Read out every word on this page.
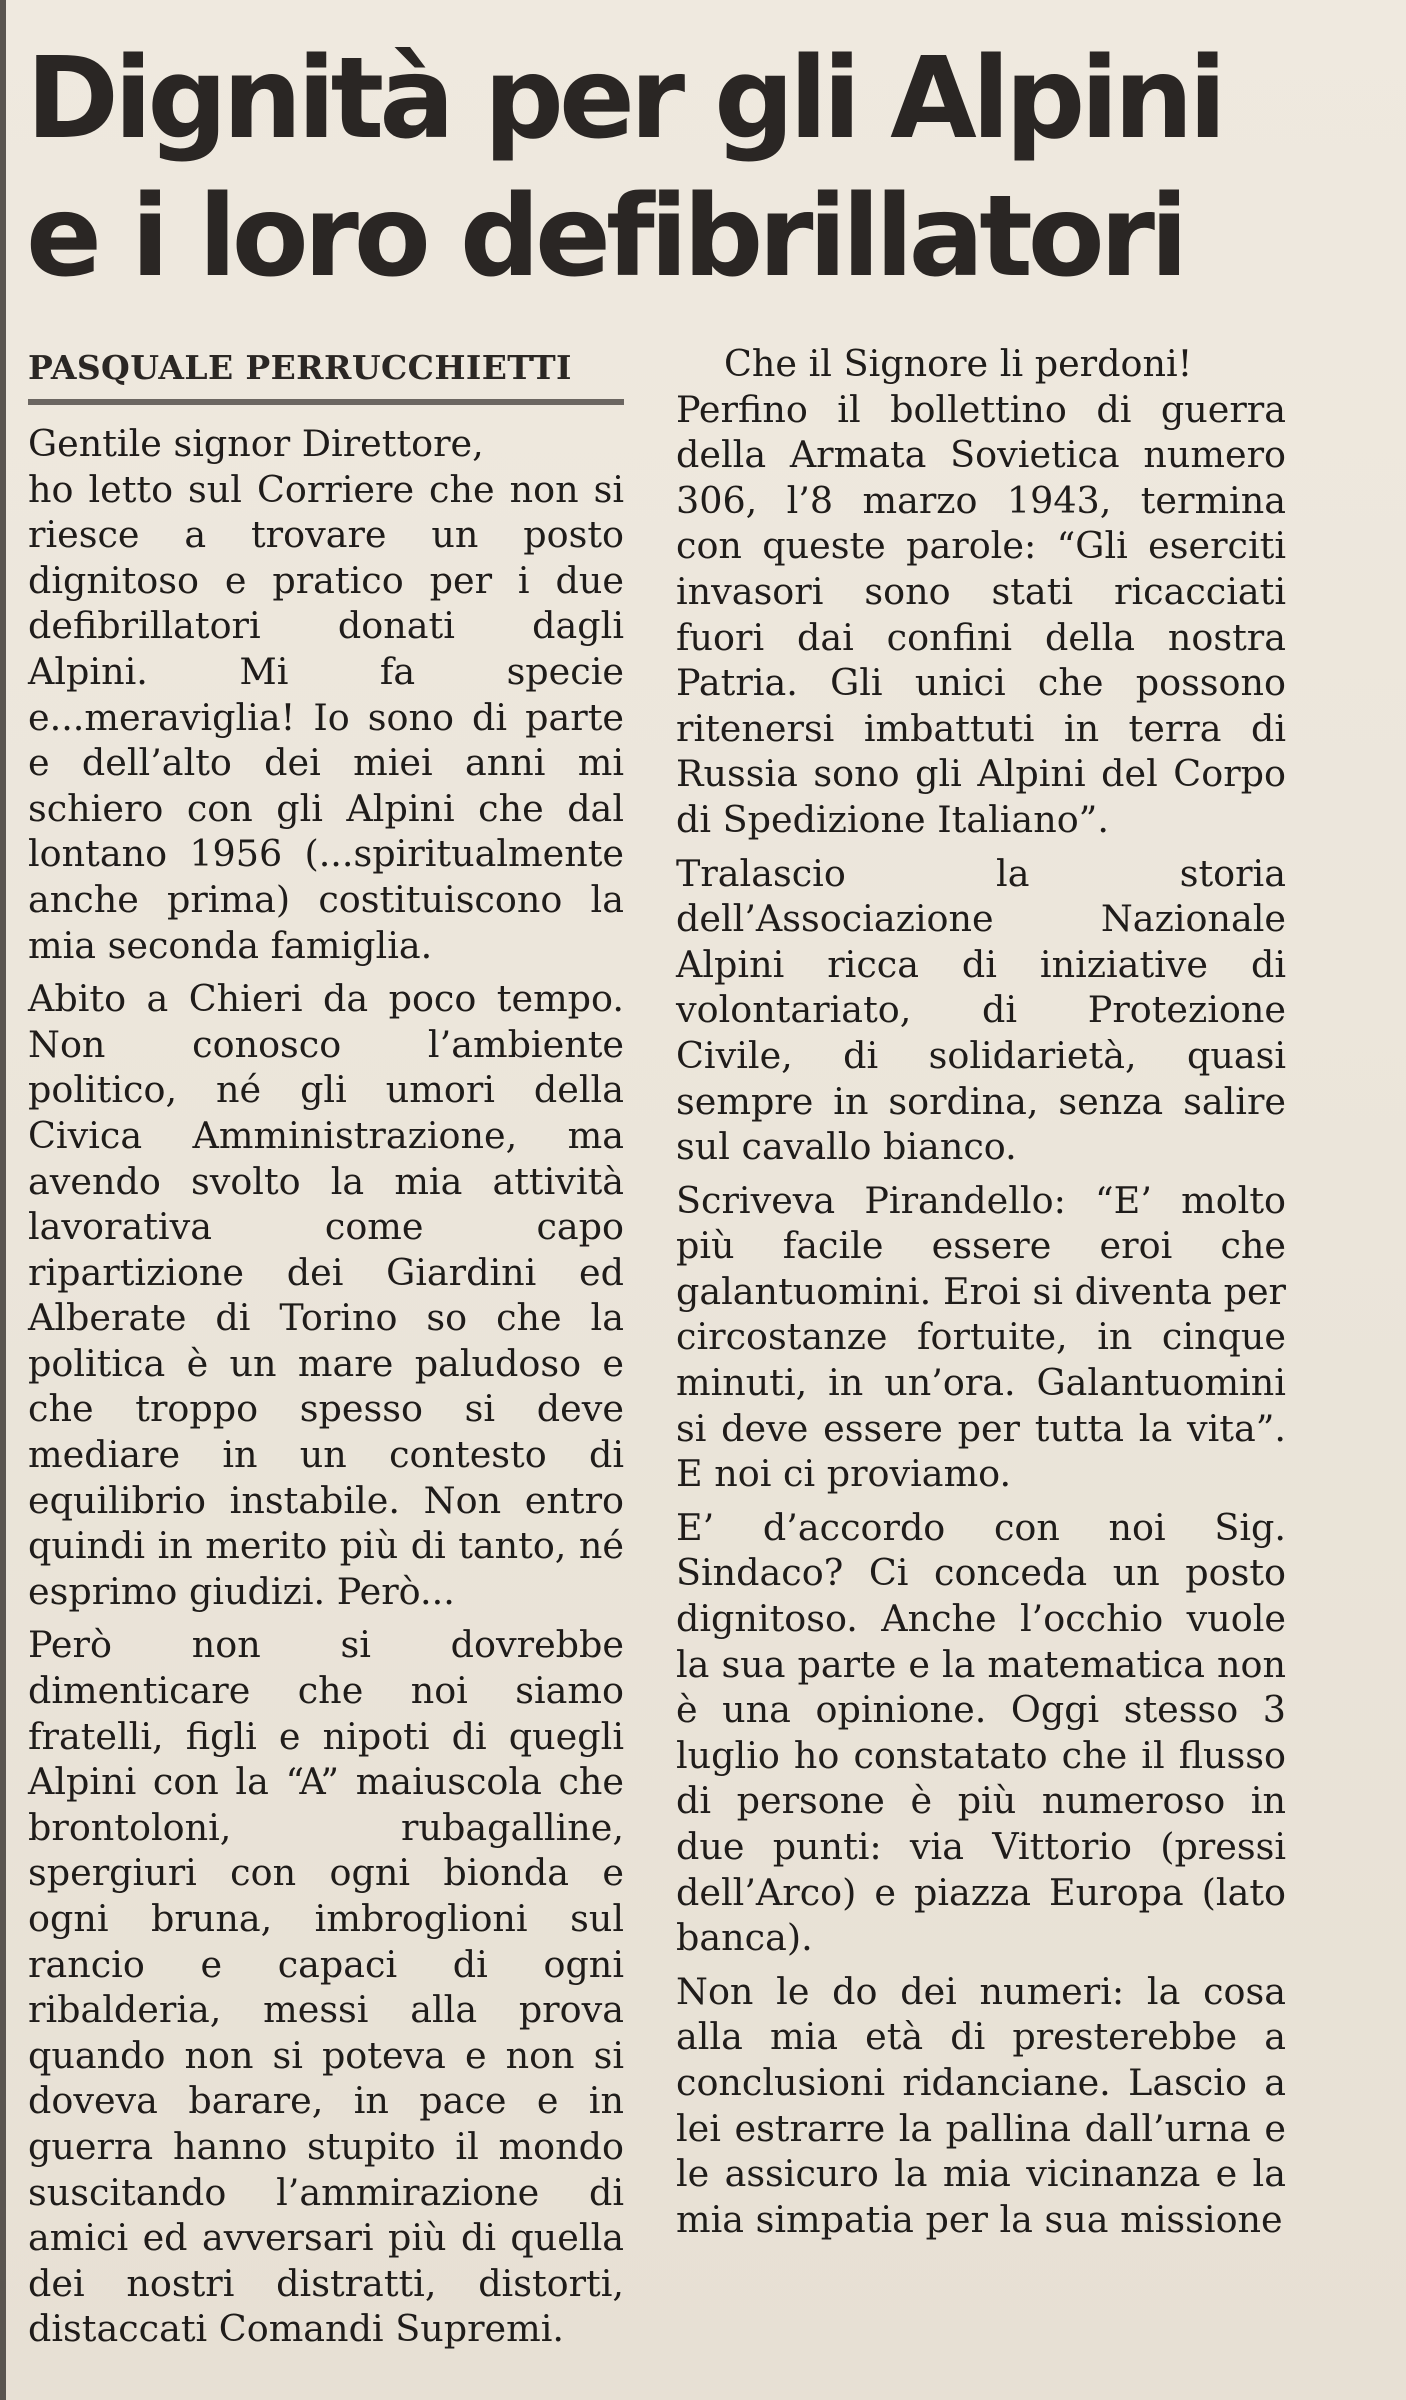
Dignità per gli Alpini
e i loro defibrillatori
PASQUALE PERRUCCHIETTI

Gentile signor Direttore,

ho letto sul Corriere che non si riesce a trovare un posto dignitoso e pratico per i due defibrillatori donati dagli Alpini. Mi fa specie e...meraviglia! Io sono di parte e dell’alto dei miei anni mi schiero con gli Alpini che dal lontano 1956 (...spiritualmente anche prima) costituiscono la mia seconda famiglia.

Abito a Chieri da poco tempo. Non conosco l’ambiente politico, né gli umori della Civica Amministrazione, ma avendo svolto la mia attività lavorativa come capo ripartizione dei Giardini ed Alberate di Torino so che la politica è un mare paludoso e che troppo spesso si deve mediare in un contesto di equilibrio instabile. Non entro quindi in merito più di tanto, né esprimo giudizi. Però...

Però non si dovrebbe dimenticare che noi siamo fratelli, figli e nipoti di quegli Alpini con la “A” maiuscola che brontoloni, rubagalline, spergiuri con ogni bionda e ogni bruna, imbroglioni sul rancio e capaci di ogni ribalderia, messi alla prova quando non si poteva e non si doveva barare, in pace e in guerra hanno stupito il mondo suscitando l’ammirazione di amici ed avversari più di quella dei nostri distratti, distorti, distaccati Comandi Supremi.

Che il Signore li perdoni!

Perfino il bollettino di guerra della Armata Sovietica numero 306, l’8 marzo 1943, termina con queste parole: “Gli eserciti invasori sono stati ricacciati fuori dai confini della nostra Patria. Gli unici che possono ritenersi imbattuti in terra di Russia sono gli Alpini del Corpo di Spedizione Italiano”.

Tralascio la storia dell’Associazione Nazionale Alpini ricca di iniziative di volontariato, di Protezione Civile, di solidarietà, quasi sempre in sordina, senza salire sul cavallo bianco.

Scriveva Pirandello: “E’ molto più facile essere eroi che galantuomini. Eroi si diventa per circostanze fortuite, in cinque minuti, in un’ora. Galantuomini si deve essere per tutta la vita”. E noi ci proviamo.

E’ d’accordo con noi Sig. Sindaco? Ci conceda un posto dignitoso. Anche l’occhio vuole la sua parte e la matematica non è una opinione. Oggi stesso 3 luglio ho constatato che il flusso di persone è più numeroso in due punti: via Vittorio (pressi dell’Arco) e piazza Europa (lato banca).

Non le do dei numeri: la cosa alla mia età di presterebbe a conclusioni ridanciane. Lascio a lei estrarre la pallina dall’urna e le assicuro la mia vicinanza e la mia simpatia per la sua missione
